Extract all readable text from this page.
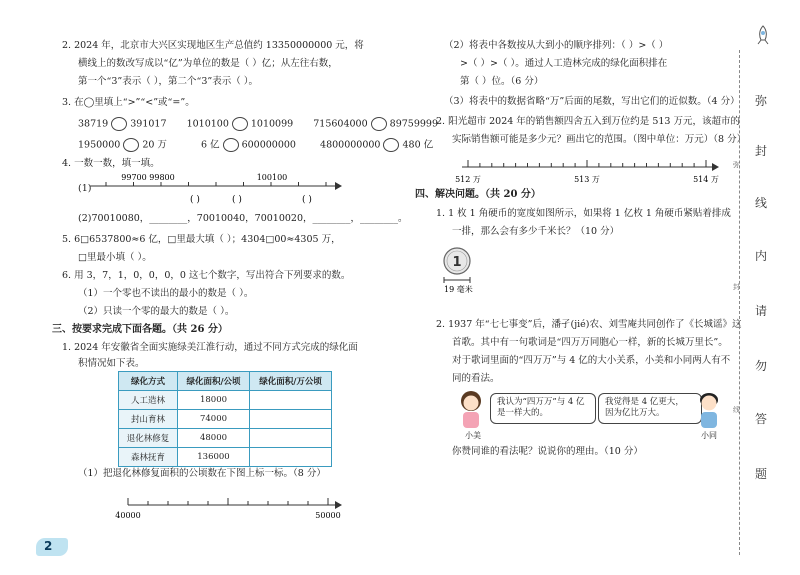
2. 2024 年，北京市大兴区实现地区生产总值约 13350000000 元，将
横线上的数改写成以“亿”为单位的数是（ ）亿；从左往右数，
第一个“3”表示（ ），第二个“3”表示（ ）。
3. 在◯里填上“>”“<”或“=”。
38719 391017 1010100 1010099 715604000 89759999
1950000 20 万	6 亿 600000000	4800000000 480 亿
4. 一数一数，填一填。
(1)
99700 99800	100100
( )	( )	( )
(2)70010080，________，70010040，70010020，________，________。
5. 6□6537800≈6 亿，□里最大填（ ）；4304□00≈4305 万，
□里最小填（ ）。
6. 用 3，7，1，0，0，0，0 这七个数字，写出符合下列要求的数。
（1）一个零也不读出的最小的数是（ ）。
（2）只读一个零的最大的数是（ ）。
三、按要求完成下面各题。（共 26 分）
1. 2024 年安徽省全面实施绿美江淮行动，通过不同方式完成的绿化面
积情况如下表。
绿化方式	绿化面积/公顷	绿化面积/万公顷
人工造林	18000	
封山育林	74000	
退化林修复	48000	
森林抚育	136000	
（1）把退化林修复面积的公顷数在下图上标一标。（8 分）
40000	50000
2
（2）将表中各数按从大到小的顺序排列：（ ）>（ ）
>（ ）>（ ）。通过人工造林完成的绿化面积排在
第（ ）位。（6 分）
（3）将表中的数据省略“万”后面的尾数，写出它们的近似数。（4 分）
2. 阳光超市 2024 年的销售额四舍五入到万位约是 513 万元，该超市的
实际销售额可能是多少元？画出它的范围。（图中单位：万元）（8 分）
512 万	513 万	514 万
四、解决问题。（共 20 分）
1. 1 枚 1 角硬币的宽度如图所示，如果将 1 亿枚 1 角硬币紧贴着排成
一排，那么会有多少千米长？（10 分）
1
19 毫米
2. 1937 年“七七事变”后，潘孑(jié)农、刘雪庵共同创作了《长城谣》这
首歌。其中有一句歌词是“四万万同胞心一样，新的长城万里长”。
对于歌词里面的“四万万”与 4 亿的大小关系，小美和小同两人有不
同的看法。
我认为“四万万”与 4 亿
是一样大的。
小美
我觉得是 4 亿更大，
因为亿比万大。
小同
你赞同谁的看法呢？说说你的理由。（10 分）
弥
封
线
内
请
勿
答
题
弥
封
线
